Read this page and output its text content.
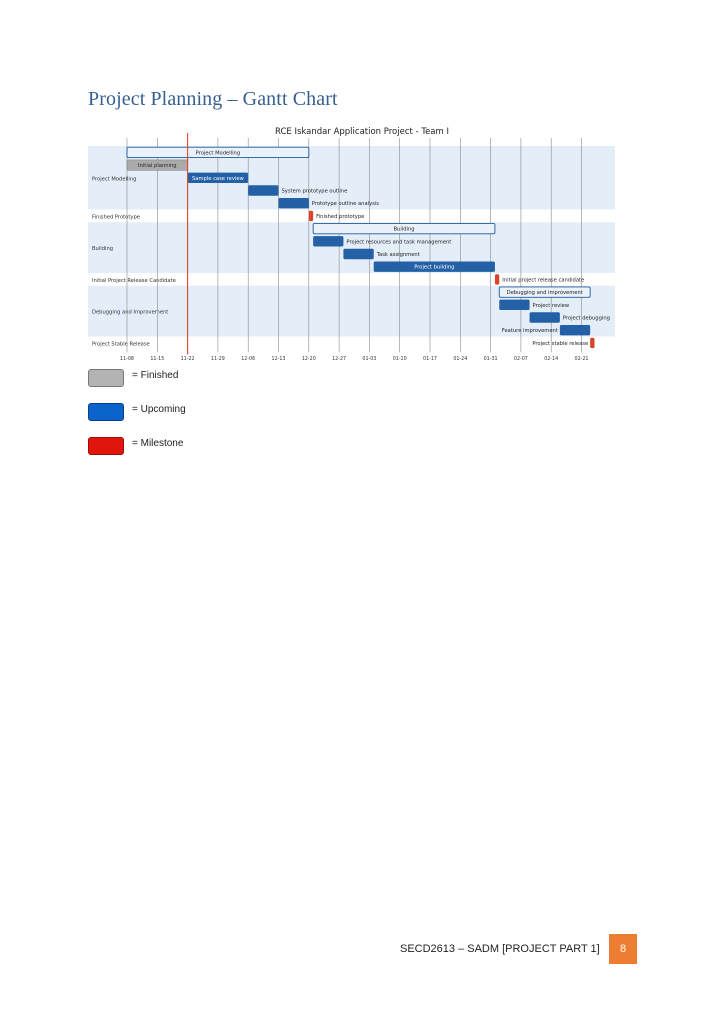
Project Planning – Gantt Chart
RCE Iskandar Application Project - Team I
Project Modelling
Finished Prototype
Building
Initial Project Release Candidate
Debugging and Improvement
Project Stable Release
11-08	11-15	11-22	11-29	12-06	12-13	12-20	12-27	01-03	01-10	01-17	01-24	01-31	02-07	02-14	02-21
Project Modelling
Initial planning
Sample case review
System prototype outline
Prototype outline analysis
Finished prototype
Building
Project resources and task management
Task assignment
Project building
Initial project release candidate
Debugging and improvement
Project review
Project debugging
Feature improvement
Project stable release
= Finished
= Upcoming
= Milestone
SECD2613 – SADM [PROJECT PART 1]	8
